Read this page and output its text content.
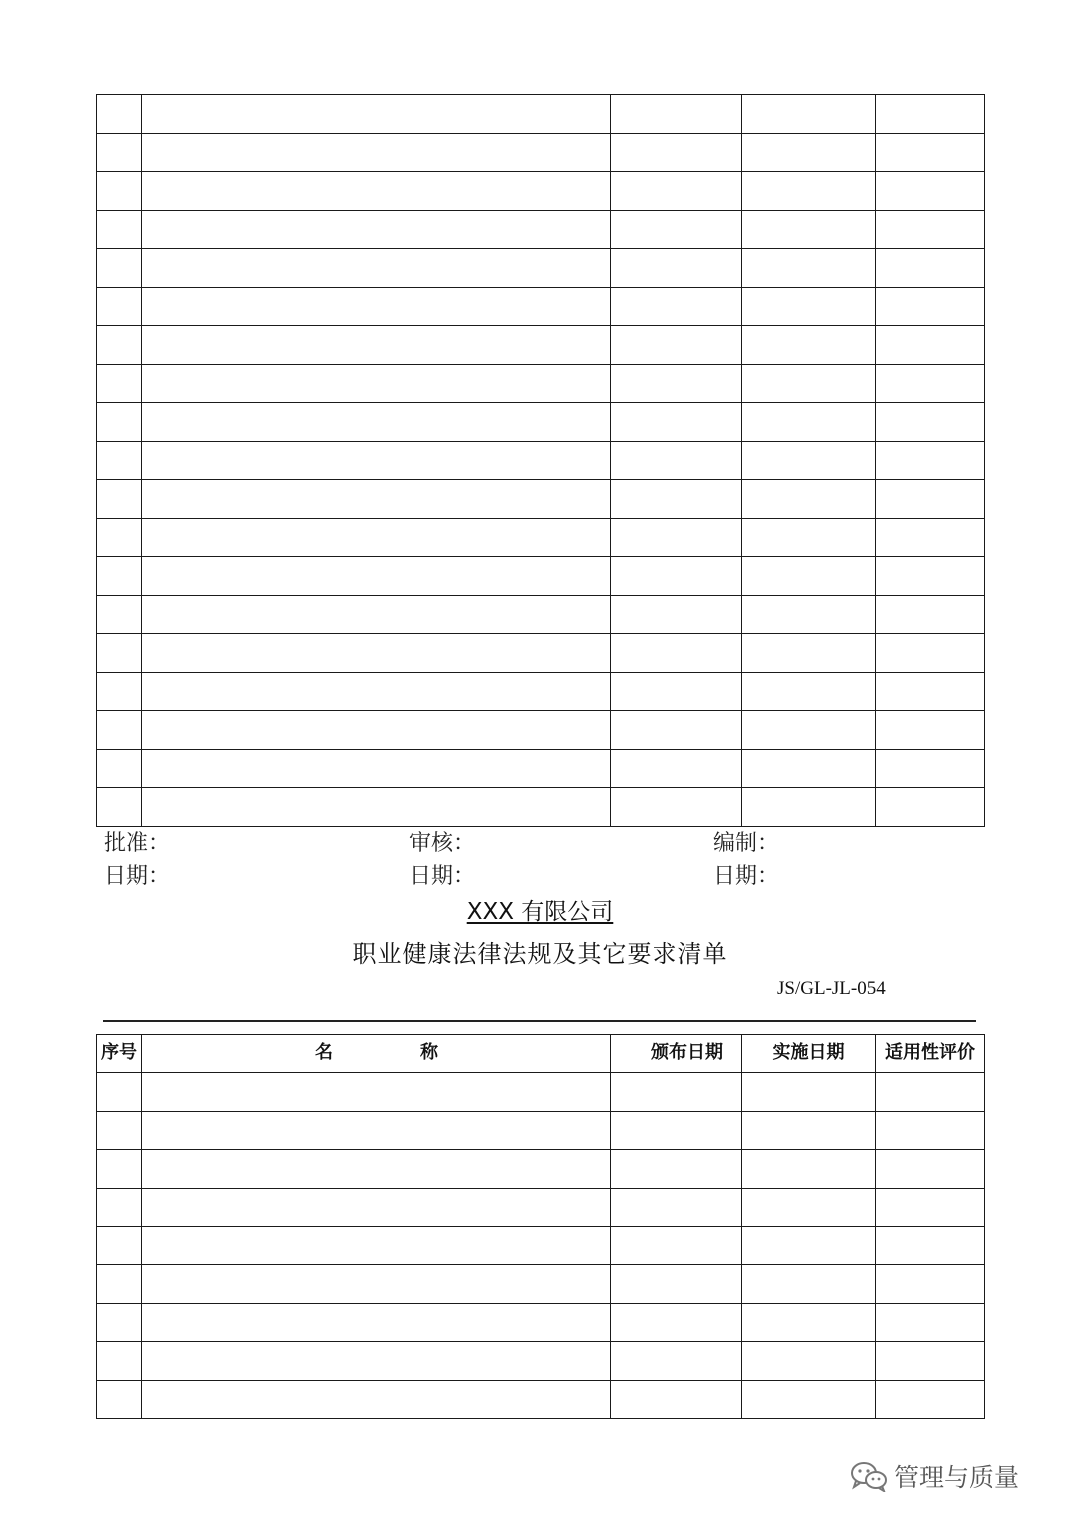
批准：	审核：	编制：
日期：	日期：	日期：
XXX 有限公司
职业健康法律法规及其它要求清单
JS/GL-JL-054
序号	名 称	颁布日期	实施日期	适用性评价

管理与质量
